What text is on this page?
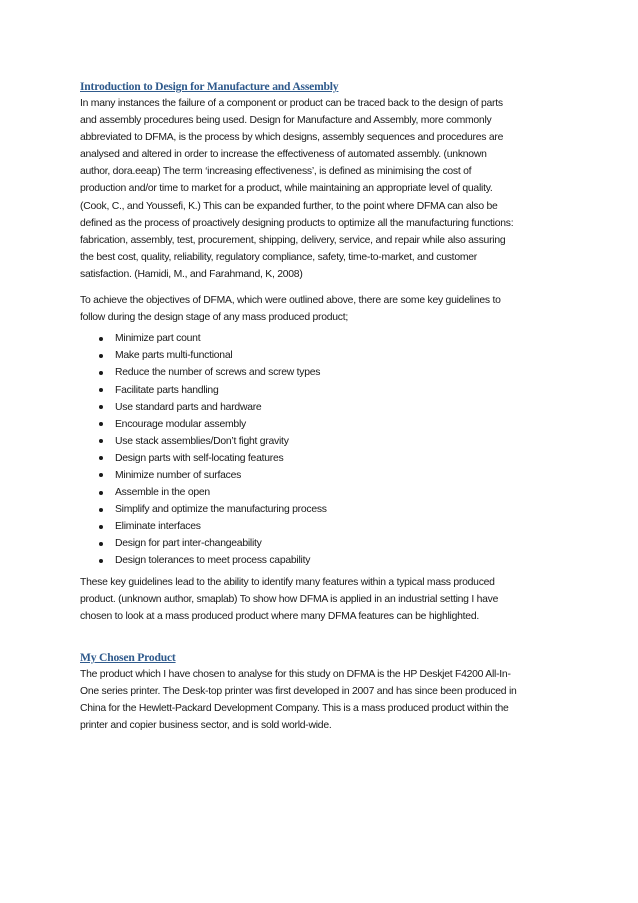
Introduction to Design for Manufacture and Assembly

In many instances the failure of a component or product can be traced back to the design of parts
and assembly procedures being used. Design for Manufacture and Assembly, more commonly
abbreviated to DFMA, is the process by which designs, assembly sequences and procedures are
analysed and altered in order to increase the effectiveness of automated assembly. (unknown
author, dora.eeap) The term ‘increasing effectiveness’, is defined as minimising the cost of
production and/or time to market for a product, while maintaining an appropriate level of quality.
(Cook, C., and Youssefi, K.) This can be expanded further, to the point where DFMA can also be
defined as the process of proactively designing products to optimize all the manufacturing functions:
fabrication, assembly, test, procurement, shipping, delivery, service, and repair while also assuring
the best cost, quality, reliability, regulatory compliance, safety, time-to-market, and customer
satisfaction. (Hamidi, M., and Farahmand, K, 2008)

To achieve the objectives of DFMA, which were outlined above, there are some key guidelines to
follow during the design stage of any mass produced product;

Minimize part count
Make parts multi-functional
Reduce the number of screws and screw types
Facilitate parts handling
Use standard parts and hardware
Encourage modular assembly
Use stack assemblies/Don’t fight gravity
Design parts with self-locating features
Minimize number of surfaces
Assemble in the open
Simplify and optimize the manufacturing process
Eliminate interfaces
Design for part inter-changeability
Design tolerances to meet process capability

These key guidelines lead to the ability to identify many features within a typical mass produced
product. (unknown author, smaplab) To show how DFMA is applied in an industrial setting I have
chosen to look at a mass produced product where many DFMA features can be highlighted.

My Chosen Product

The product which I have chosen to analyse for this study on DFMA is the HP Deskjet F4200 All-In-
One series printer. The Desk-top printer was first developed in 2007 and has since been produced in
China for the Hewlett-Packard Development Company. This is a mass produced product within the
printer and copier business sector, and is sold world-wide.
